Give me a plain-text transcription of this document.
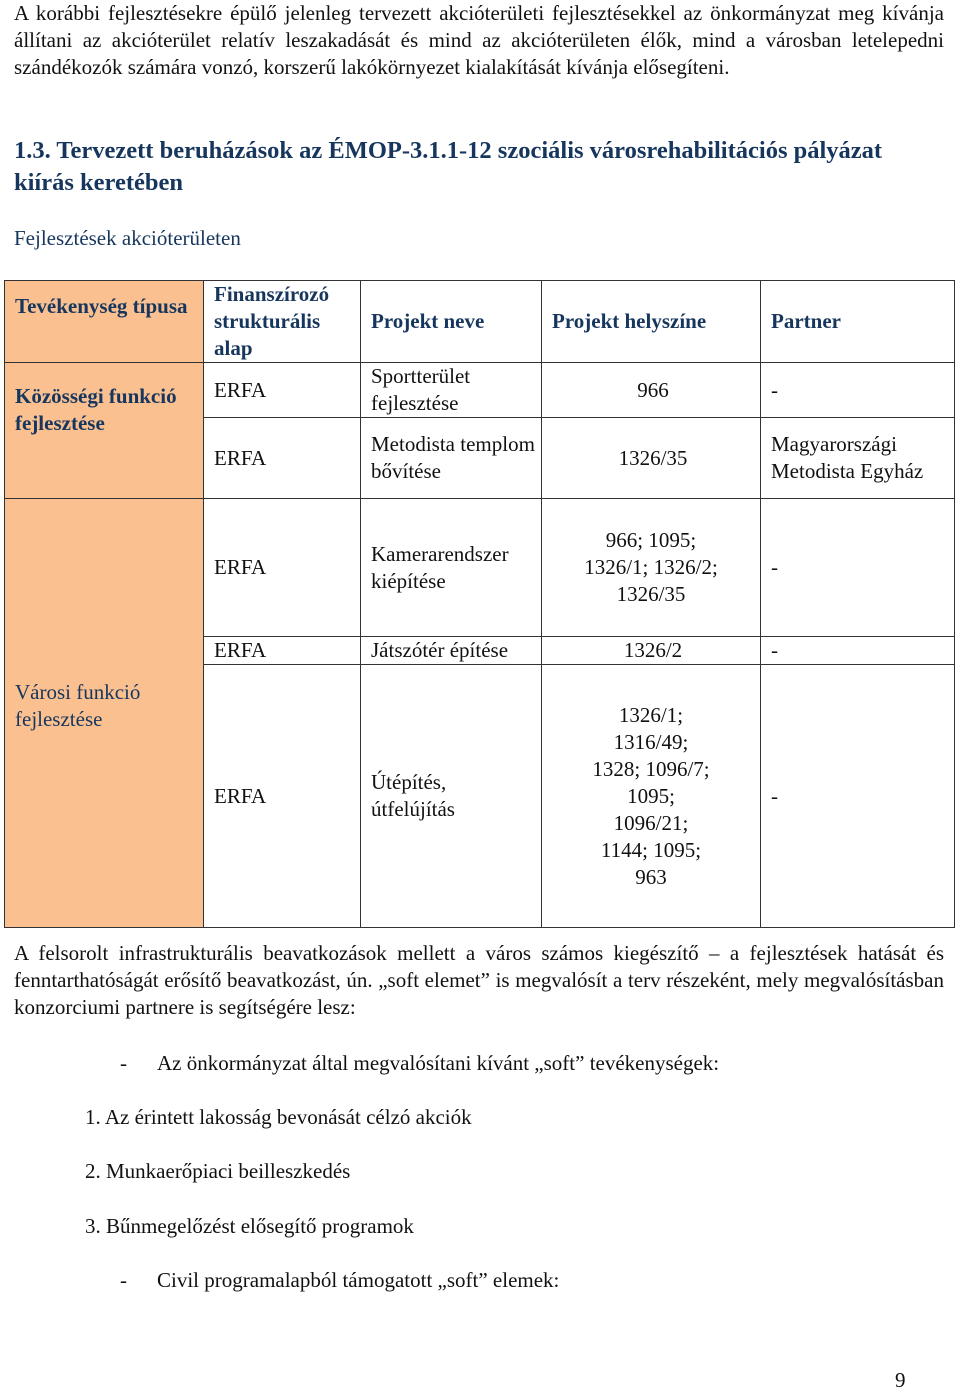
A korábbi fejlesztésekre épülő jelenleg tervezett akcióterületi fejlesztésekkel az önkormányzat meg kívánja állítani az akcióterület relatív leszakadását és mind az akcióterületen élők, mind a városban letelepedni szándékozók számára vonzó, korszerű lakókörnyezet kialakítását kívánja elősegíteni.
1.3. Tervezett beruházások az ÉMOP-3.1.1-12 szociális városrehabilitációs pályázat kiírás keretében
Fejlesztések akcióterületen
Tevékenység típusa	Finanszírozó strukturális alap	Projekt neve	Projekt helyszíne	Partner
Közösségi funkció fejlesztése	ERFA	Sportterület fejlesztése	966	-
	ERFA	Metodista templom bővítése	1326/35	Magyarországi Metodista Egyház
Városi funkció fejlesztése	ERFA	Kamerarendszer kiépítése	966; 1095; 1326/1; 1326/2; 1326/35	-
	ERFA	Játszótér építése	1326/2	-
	ERFA	Útépítés, útfelújítás	1326/1; 1316/49; 1328; 1096/7; 1095; 1096/21; 1144; 1095; 963	-
A felsorolt infrastrukturális beavatkozások mellett a város számos kiegészítő – a fejlesztések hatását és fenntarthatóságát erősítő beavatkozást, ún. „soft elemet” is megvalósít a terv részeként, mely megvalósításban konzorciumi partnere is segítségére lesz:
- Az önkormányzat által megvalósítani kívánt „soft” tevékenységek:
1. Az érintett lakosság bevonását célzó akciók
2. Munkaerőpiaci beilleszkedés
3. Bűnmegelőzést elősegítő programok
- Civil programalapból támogatott „soft” elemek:
9
